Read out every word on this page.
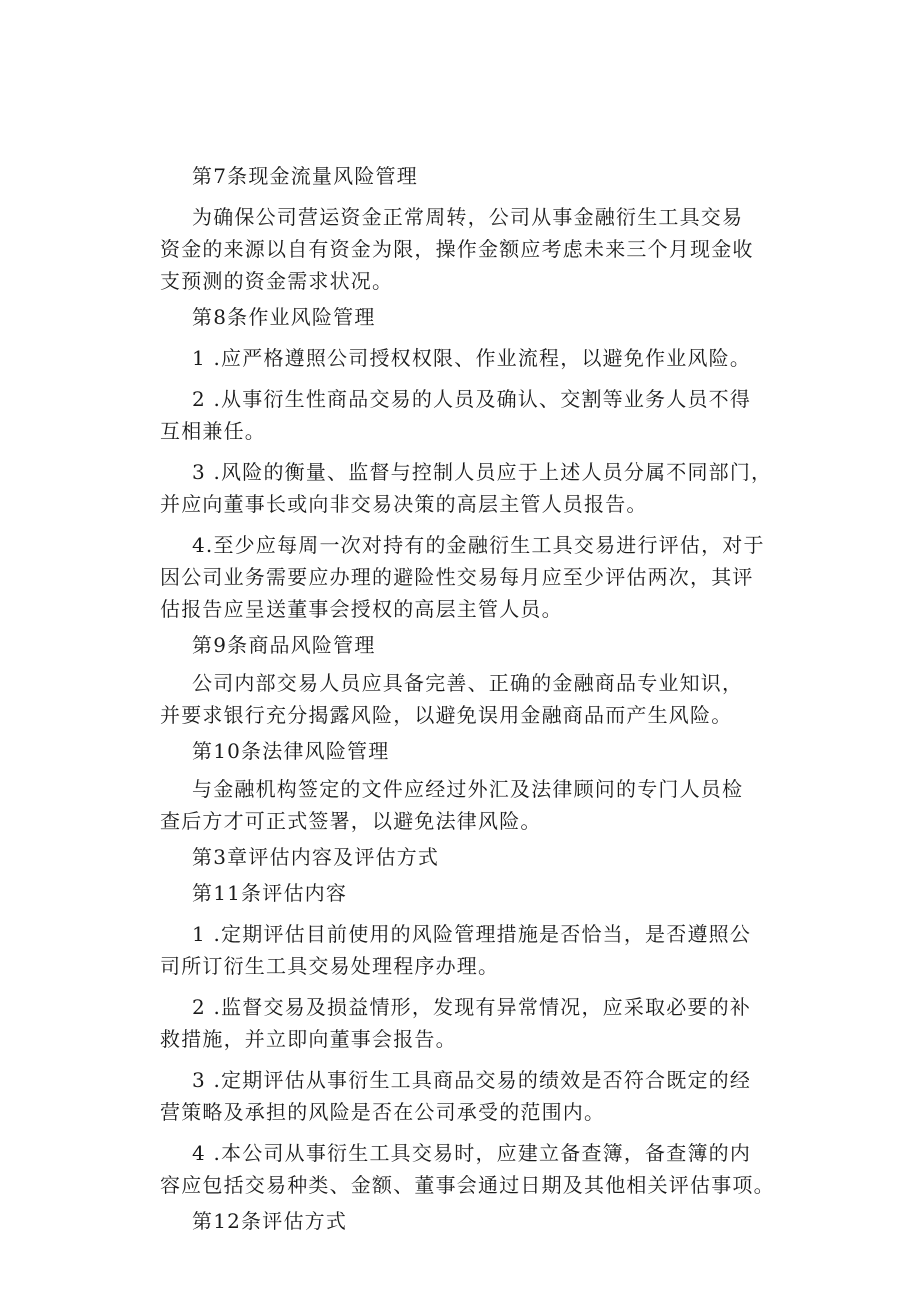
第7条现金流量风险管理
为确保公司营运资金正常周转，公司从事金融衍生工具交易
资金的来源以自有资金为限，操作金额应考虑未来三个月现金收
支预测的资金需求状况。
第8条作业风险管理
1 .应严格遵照公司授权权限、作业流程，以避免作业风险。
2 .从事衍生性商品交易的人员及确认、交割等业务人员不得
互相兼任。
3 .风险的衡量、监督与控制人员应于上述人员分属不同部门，
并应向董事长或向非交易决策的高层主管人员报告。
4.至少应每周一次对持有的金融衍生工具交易进行评估，对于
因公司业务需要应办理的避险性交易每月应至少评估两次，其评
估报告应呈送董事会授权的高层主管人员。
第9条商品风险管理
公司内部交易人员应具备完善、正确的金融商品专业知识，
并要求银行充分揭露风险，以避免误用金融商品而产生风险。
第10条法律风险管理
与金融机构签定的文件应经过外汇及法律顾问的专门人员检
查后方才可正式签署，以避免法律风险。
第3章评估内容及评估方式
第11条评估内容
1 .定期评估目前使用的风险管理措施是否恰当，是否遵照公
司所订衍生工具交易处理程序办理。
2 .监督交易及损益情形，发现有异常情况，应采取必要的补
救措施，并立即向董事会报告。
3 .定期评估从事衍生工具商品交易的绩效是否符合既定的经
营策略及承担的风险是否在公司承受的范围内。
4 .本公司从事衍生工具交易时，应建立备查簿，备查簿的内
容应包括交易种类、金额、董事会通过日期及其他相关评估事项。
第12条评估方式
